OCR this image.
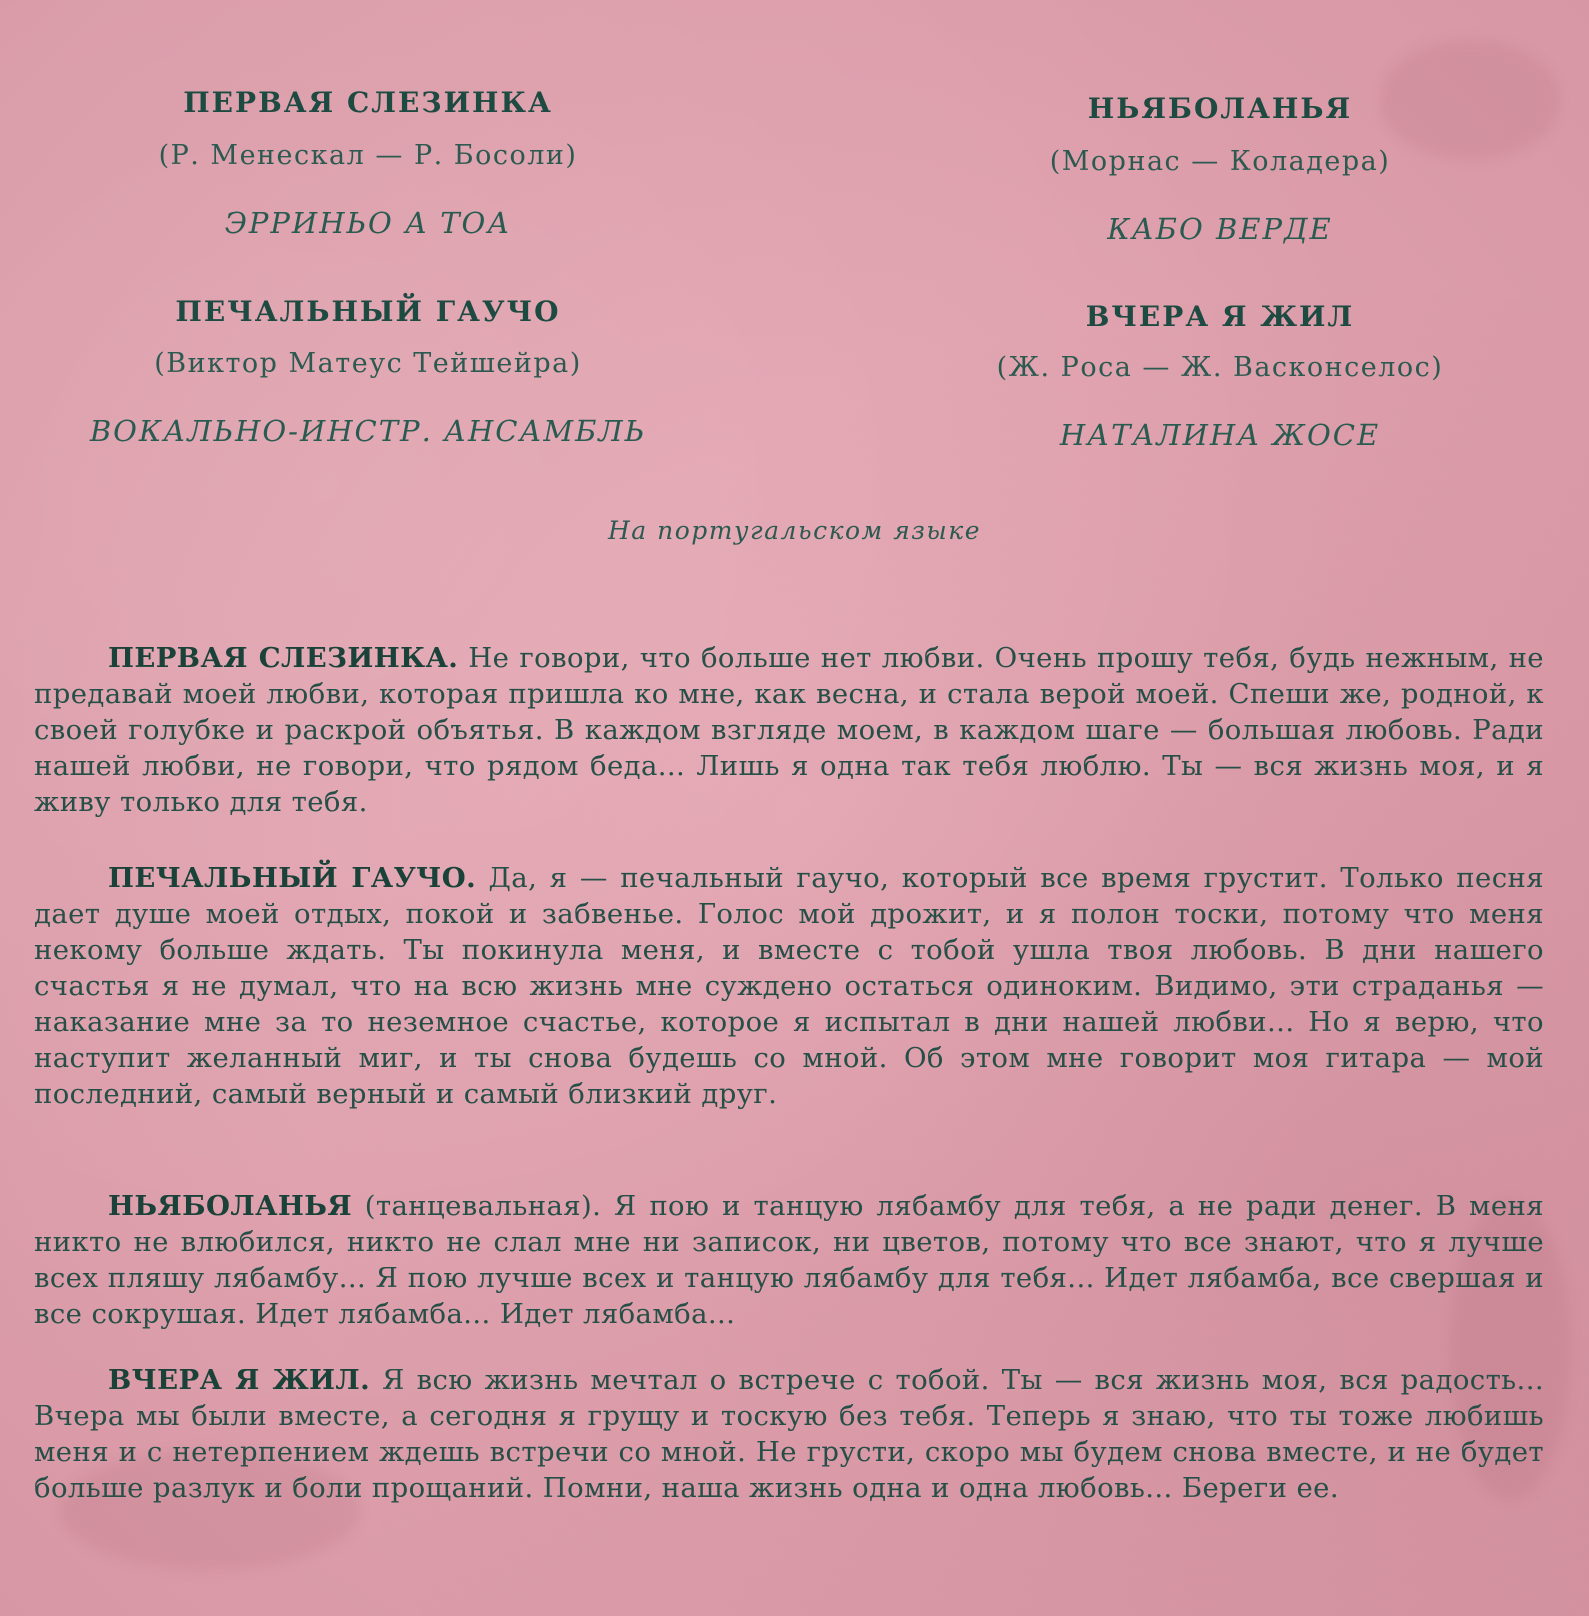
ПЕРВАЯ СЛЕЗИНКА
(Р. Менескал — Р. Босоли)
ЭРРИНЬО А ТОА
ПЕЧАЛЬНЫЙ ГАУЧО
(Виктор Матеус Тейшейра)
ВОКАЛЬНО-ИНСТР. АНСАМБЛЬ
НЬЯБОЛАНЬЯ
(Морнас — Коладера)
КАБО ВЕРДЕ
ВЧЕРА Я ЖИЛ
(Ж. Роса — Ж. Васконселос)
НАТАЛИНА ЖОСЕ
На португальском языке
ПЕРВАЯ СЛЕЗИНКА. Не говори, что больше нет любви. Очень прошу тебя, будь нежным, не предавай моей любви, которая пришла ко мне, как весна, и стала верой моей. Спеши же, родной, к своей голубке и раскрой объятья. В каждом взгляде моем, в каждом шаге — большая любовь. Ради нашей любви, не говори, что рядом беда... Лишь я одна так тебя люблю. Ты — вся жизнь моя, и я живу только для тебя.
ПЕЧАЛЬНЫЙ ГАУЧО. Да, я — печальный гаучо, который все время грустит. Только песня дает душе моей отдых, покой и забвенье. Голос мой дрожит, и я полон тоски, потому что меня некому больше ждать. Ты покинула меня, и вместе с тобой ушла твоя любовь. В дни нашего счастья я не думал, что на всю жизнь мне суждено остаться одиноким. Видимо, эти страданья — наказание мне за то неземное счастье, которое я испытал в дни нашей любви... Но я верю, что наступит желанный миг, и ты снова будешь со мной. Об этом мне говорит моя гитара — мой последний, самый верный и самый близкий друг.
НЬЯБОЛАНЬЯ (танцевальная). Я пою и танцую лябамбу для тебя, а не ради денег. В меня никто не влюбился, никто не слал мне ни записок, ни цветов, потому что все знают, что я лучше всех пляшу лябамбу... Я пою лучше всех и танцую лябамбу для тебя... Идет лябамба, все свершая и все сокрушая. Идет лябамба... Идет лябамба...
ВЧЕРА Я ЖИЛ. Я всю жизнь мечтал о встрече с тобой. Ты — вся жизнь моя, вся радость... Вчера мы были вместе, а сегодня я грущу и тоскую без тебя. Теперь я знаю, что ты тоже любишь меня и с нетерпением ждешь встречи со мной. Не грусти, скоро мы будем снова вместе, и не будет больше разлук и боли прощаний. Помни, наша жизнь одна и одна любовь... Береги ее.
